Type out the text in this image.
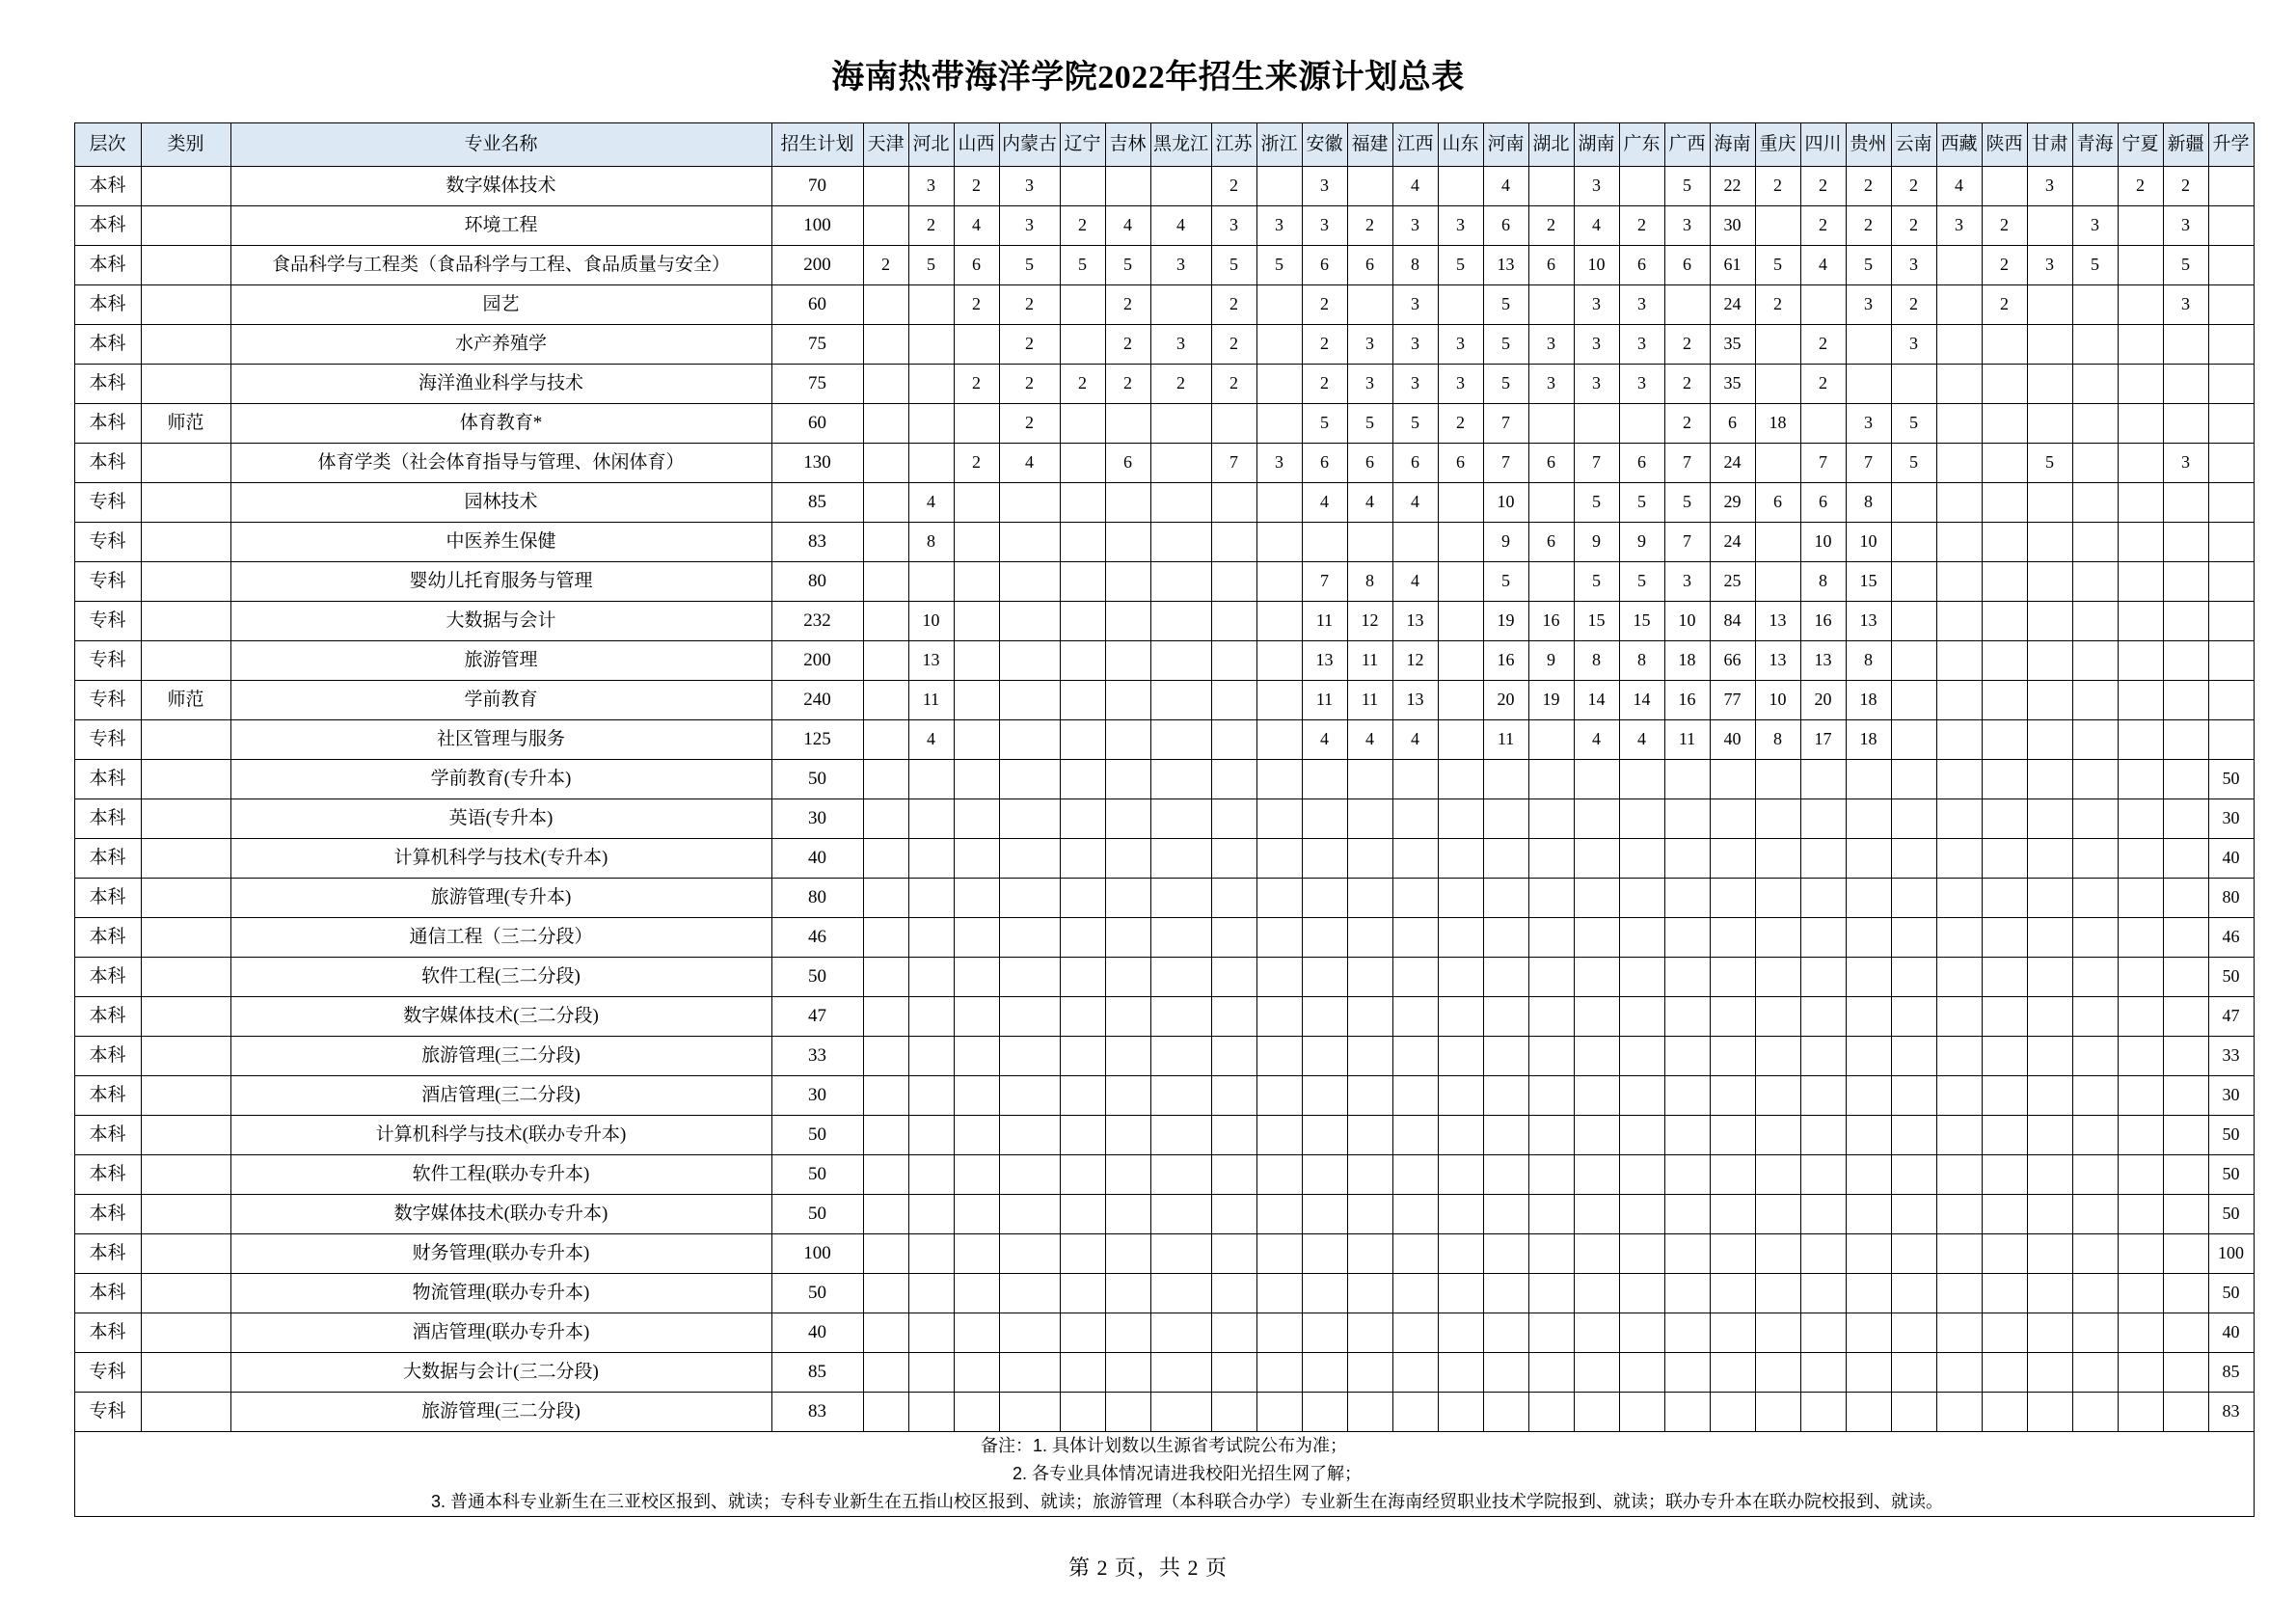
海南热带海洋学院2022年招生来源计划总表
层次	类别	专业名称	招生计划	天津	河北	山西	内蒙古	辽宁	吉林	黑龙江	江苏	浙江	安徽	福建	江西	山东	河南	湖北	湖南	广东	广西	海南	重庆	四川	贵州	云南	西藏	陕西	甘肃	青海	宁夏	新疆	升学
本科		数字媒体技术	70		3	2	3				2		3		4		4		3		5	22	2	2	2	2	4		3		2	2	
本科		环境工程	100		2	4	3	2	4	4	3	3	3	2	3	3	6	2	4	2	3	30		2	2	2	3	2		3		3	
本科		食品科学与工程类（食品科学与工程、食品质量与安全）	200	2	5	6	5	5	5	3	5	5	6	6	8	5	13	6	10	6	6	61	5	4	5	3		2	3	5		5	
本科		园艺	60			2	2		2		2		2		3		5		3	3		24	2		3	2		2				3	
本科		水产养殖学	75				2		2	3	2		2	3	3	3	5	3	3	3	2	35		2		3							
本科		海洋渔业科学与技术	75			2	2	2	2	2	2		2	3	3	3	5	3	3	3	2	35		2									
本科	师范	体育教育*	60				2						5	5	5	2	7				2	6	18		3	5							
本科		体育学类（社会体育指导与管理、休闲体育）	130			2	4		6		7	3	6	6	6	6	7	6	7	6	7	24		7	7	5			5			3	
专科		园林技术	85		4								4	4	4		10		5	5	5	29	6	6	8								
专科		中医养生保健	83		8												9	6	9	9	7	24		10	10								
专科		婴幼儿托育服务与管理	80										7	8	4		5		5	5	3	25		8	15								
专科		大数据与会计	232		10								11	12	13		19	16	15	15	10	84	13	16	13								
专科		旅游管理	200		13								13	11	12		16	9	8	8	18	66	13	13	8								
专科	师范	学前教育	240		11								11	11	13		20	19	14	14	16	77	10	20	18								
专科		社区管理与服务	125		4								4	4	4		11		4	4	11	40	8	17	18								
本科		学前教育(专升本)	50																														50
本科		英语(专升本)	30																														30
本科		计算机科学与技术(专升本)	40																														40
本科		旅游管理(专升本)	80																														80
本科		通信工程（三二分段）	46																														46
本科		软件工程(三二分段)	50																														50
本科		数字媒体技术(三二分段)	47																														47
本科		旅游管理(三二分段)	33																														33
本科		酒店管理(三二分段)	30																														30
本科		计算机科学与技术(联办专升本)	50																														50
本科		软件工程(联办专升本)	50																														50
本科		数字媒体技术(联办专升本)	50																														50
本科		财务管理(联办专升本)	100																														100
本科		物流管理(联办专升本)	50																														50
本科		酒店管理(联办专升本)	40																														40
专科		大数据与会计(三二分段)	85																														85
专科		旅游管理(三二分段)	83																														83

备注：1. 具体计划数以生源省考试院公布为准；
2. 各专业具体情况请进我校阳光招生网了解；
3. 普通本科专业新生在三亚校区报到、就读；专科专业新生在五指山校区报到、就读；旅游管理（本科联合办学）专业新生在海南经贸职业技术学院报到、就读；联办专升本在联办院校报到、就读。																																	
第 2 页，共 2 页
